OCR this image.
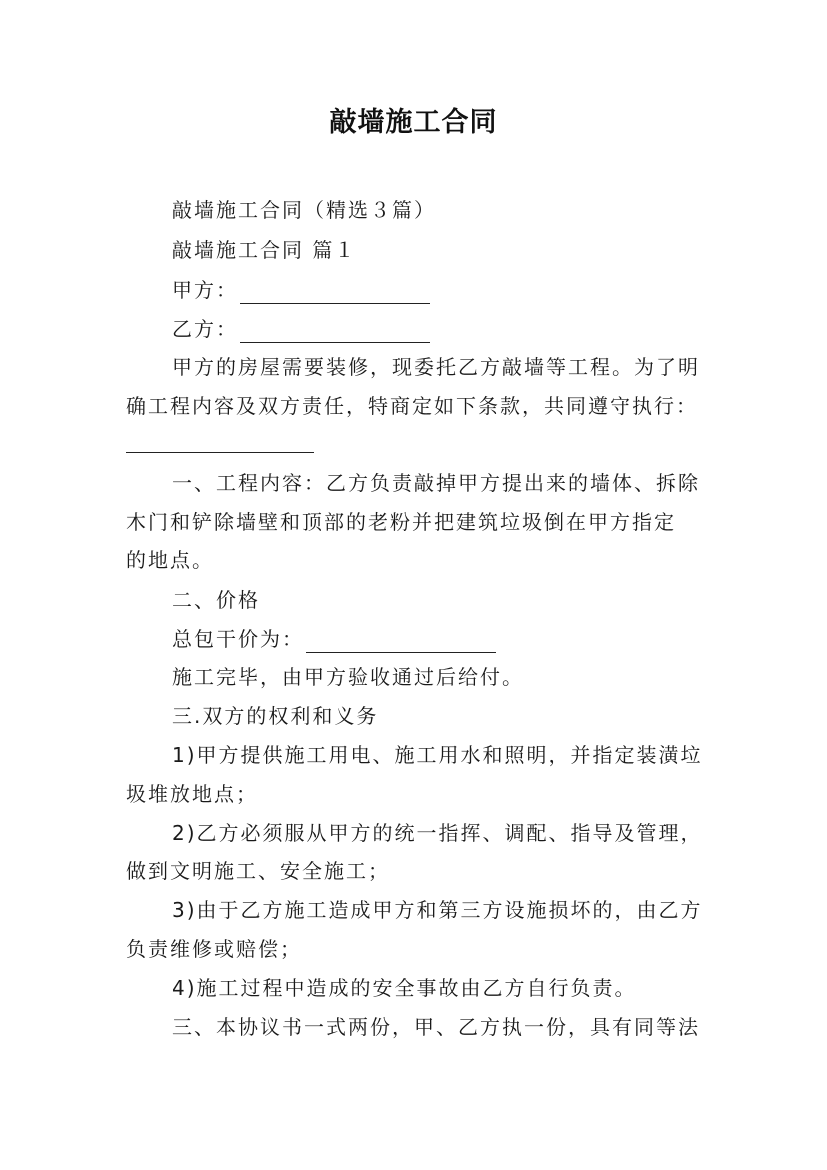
敲墙施工合同
敲墙施工合同（精选３篇）
敲墙施工合同 篇１
甲方：
乙方：
甲方的房屋需要装修，现委托乙方敲墙等工程。为了明
确工程内容及双方责任，特商定如下条款，共同遵守执行：
一、工程内容：乙方负责敲掉甲方提出来的墙体、拆除
木门和铲除墙壁和顶部的老粉并把建筑垃圾倒在甲方指定
的地点。
二、价格
总包干价为：
施工完毕，由甲方验收通过后给付。
三.双方的权利和义务
1)甲方提供施工用电、施工用水和照明，并指定装潢垃
圾堆放地点；
2)乙方必须服从甲方的统一指挥、调配、指导及管理，
做到文明施工、安全施工；
3)由于乙方施工造成甲方和第三方设施损坏的，由乙方
负责维修或赔偿；
4)施工过程中造成的安全事故由乙方自行负责。
三、本协议书一式两份，甲、乙方执一份，具有同等法
